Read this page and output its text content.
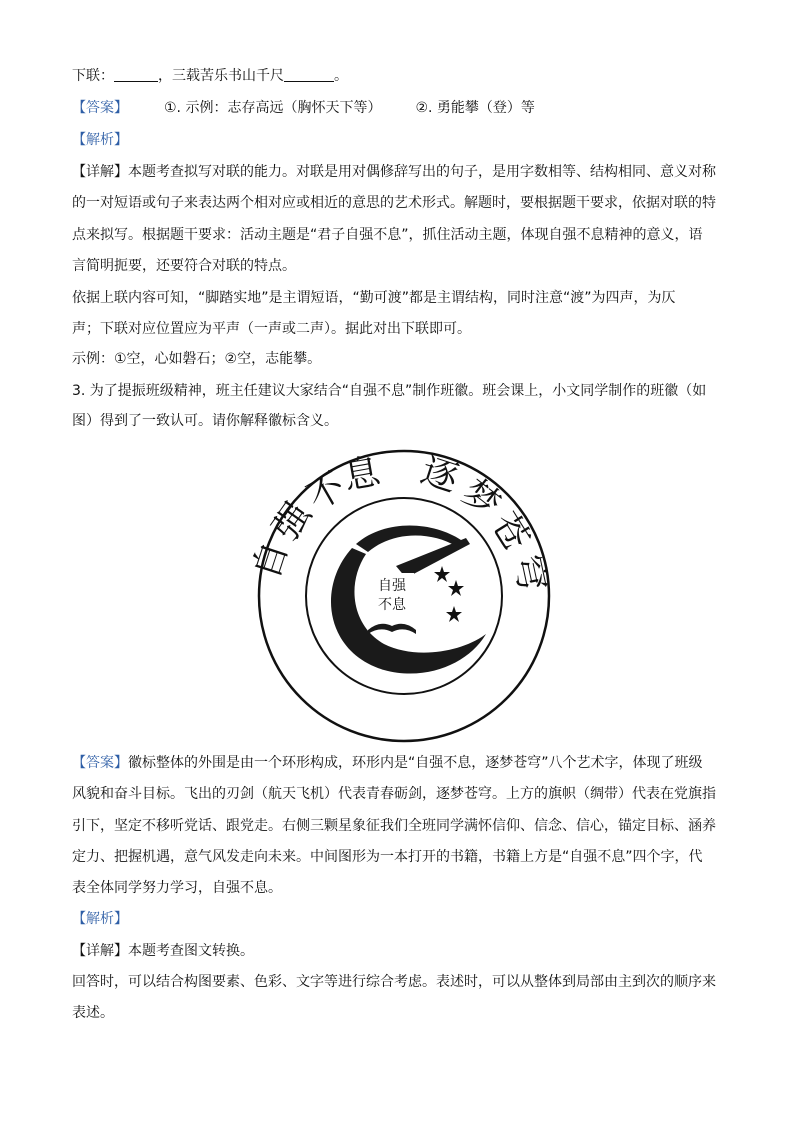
下联：	，三载苦乐书山千尺	。
【答案】	①. 示例：志存高远（胸怀天下等） ②. 勇能攀（登）等
【解析】
【详解】本题考查拟写对联的能力。对联是用对偶修辞写出的句子，是用字数相等、结构相同、意义对称
的一对短语或句子来表达两个相对应或相近的意思的艺术形式。解题时，要根据题干要求，依据对联的特
点来拟写。根据题干要求：活动主题是“君子自强不息”，抓住活动主题，体现自强不息精神的意义，语
言简明扼要，还要符合对联的特点。
依据上联内容可知，“脚踏实地”是主谓短语，“勤可渡”都是主谓结构，同时注意“渡”为四声，为仄
声；下联对应位置应为平声（一声或二声）。据此对出下联即可。
示例：①空，心如磐石；②空，志能攀。
3. 为了提振班级精神，班主任建议大家结合“自强不息”制作班徽。班会课上，小文同学制作的班徽（如
图）得到了一致认可。请你解释徽标含义。
自
强
不
息 逐
梦
苍
穹
自强
不息
【答案】徽标整体的外围是由一个环形构成，环形内是“自强不息，逐梦苍穹”八个艺术字，体现了班级
风貌和奋斗目标。飞出的刃剑（航天飞机）代表青春砺剑，逐梦苍穹。上方的旗帜（绸带）代表在党旗指
引下，坚定不移听党话、跟党走。右侧三颗星象征我们全班同学满怀信仰、信念、信心，锚定目标、涵养
定力、把握机遇，意气风发走向未来。中间图形为一本打开的书籍，书籍上方是“自强不息”四个字，代
表全体同学努力学习，自强不息。
【解析】
【详解】本题考查图文转换。
回答时，可以结合构图要素、色彩、文字等进行综合考虑。表述时，可以从整体到局部由主到次的顺序来
表述。
